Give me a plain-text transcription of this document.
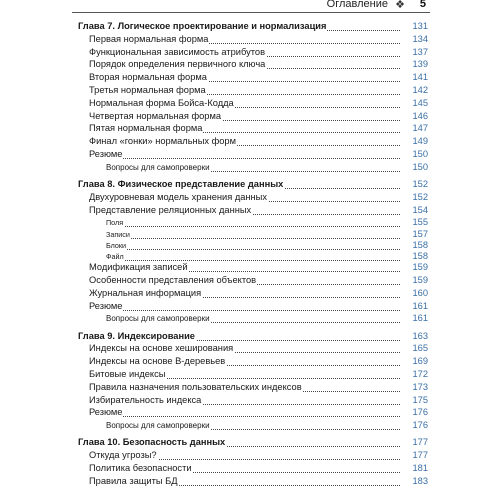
Оглавление ❖ 5
Глава 7. Логическое проектирование и нормализация	131
Первая нормальная форма	134
Функциональная зависимость атрибутов	137
Порядок определения первичного ключа	139
Вторая нормальная форма	141
Третья нормальная форма	142
Нормальная форма Бойса-Кодда	145
Четвертая нормальная форма	146
Пятая нормальная форма	147
Финал «гонки» нормальных форм	149
Резюме	150
Вопросы для самопроверки	150
Глава 8. Физическое представление данных	152
Двухуровневая модель хранения данных	152
Представление реляционных данных	154
Поля	155
Записи	157
Блоки	158
Файл	158
Модификация записей	159
Особенности представления объектов	159
Журнальная информация	160
Резюме	161
Вопросы для самопроверки	161
Глава 9. Индексирование	163
Индексы на основе хеширования	165
Индексы на основе B-деревьев	169
Битовые индексы	172
Правила назначения пользовательских индексов	173
Избирательность индекса	175
Резюме	176
Вопросы для самопроверки	176
Глава 10. Безопасность данных	177
Откуда угрозы?	177
Политика безопасности	181
Правила защиты БД	183
